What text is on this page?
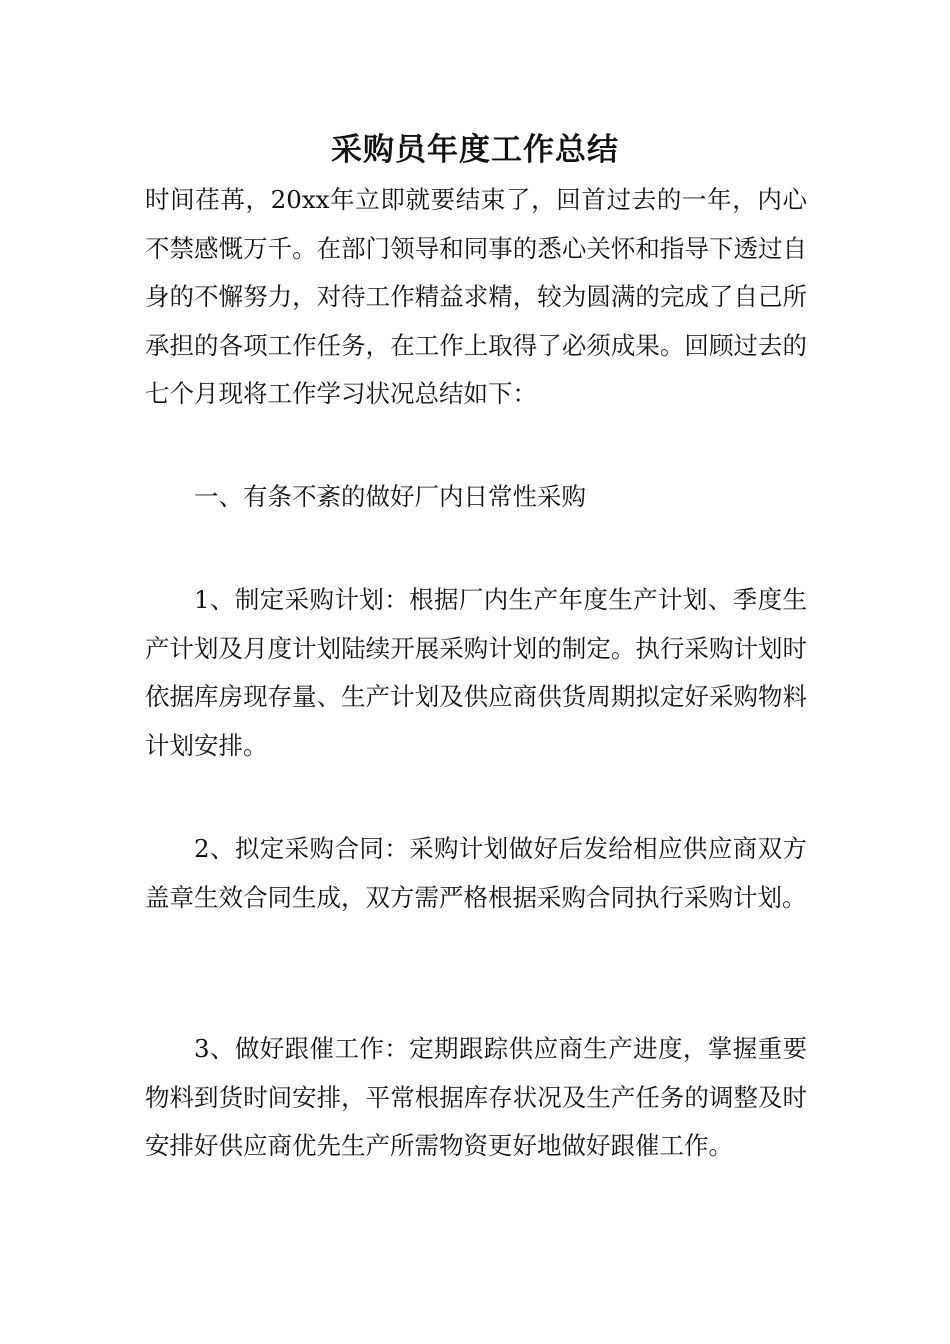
采购员年度工作总结

时间荏苒，20xx年立即就要结束了，回首过去的一年，内心不禁感慨万千。在部门领导和同事的悉心关怀和指导下透过自身的不懈努力，对待工作精益求精，较为圆满的完成了自己所承担的各项工作任务，在工作上取得了必须成果。回顾过去的七个月现将工作学习状况总结如下：

一、有条不紊的做好厂内日常性采购

1、制定采购计划：根据厂内生产年度生产计划、季度生产计划及月度计划陆续开展采购计划的制定。执行采购计划时依据库房现存量、生产计划及供应商供货周期拟定好采购物料计划安排。

2、拟定采购合同：采购计划做好后发给相应供应商双方盖章生效合同生成，双方需严格根据采购合同执行采购计划。

3、做好跟催工作：定期跟踪供应商生产进度，掌握重要物料到货时间安排，平常根据库存状况及生产任务的调整及时安排好供应商优先生产所需物资更好地做好跟催工作。
